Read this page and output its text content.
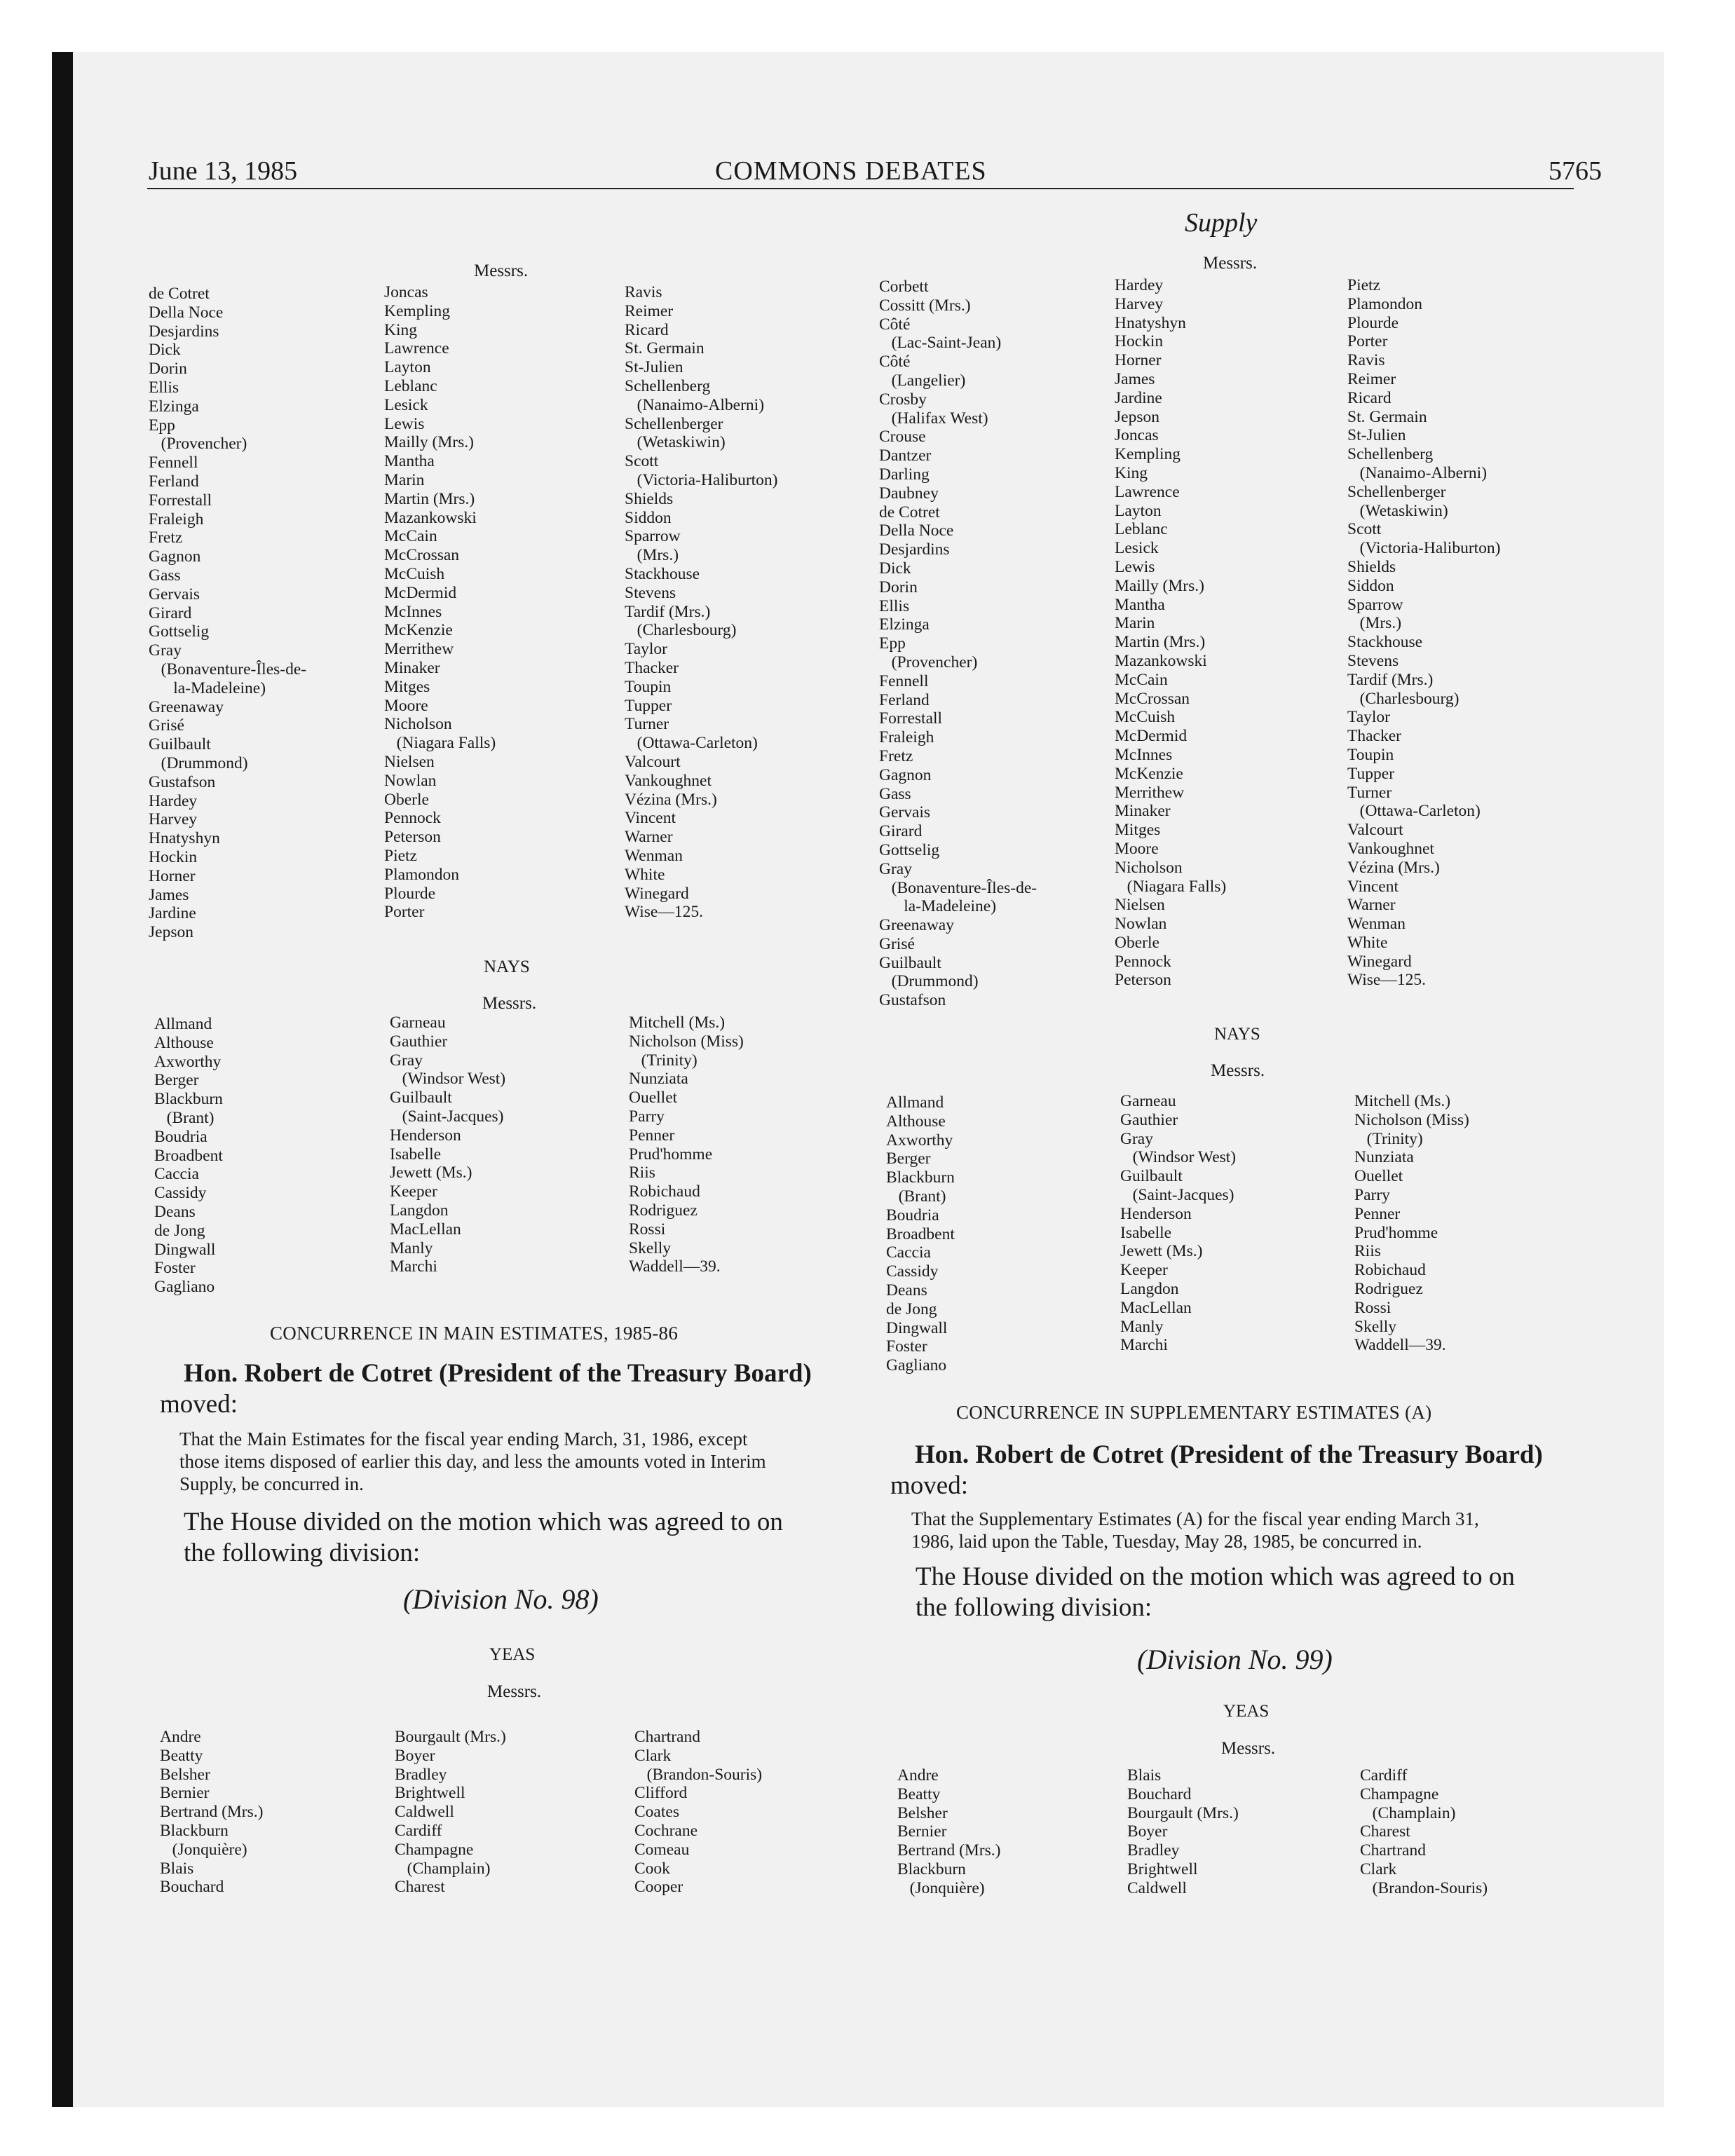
June 13, 1985	COMMONS DEBATES	5765
Supply
Messrs.
de Cotret
Della Noce
Desjardins
Dick
Dorin
Ellis
Elzinga
Epp
(Provencher)
Fennell
Ferland
Forrestall
Fraleigh
Fretz
Gagnon
Gass
Gervais
Girard
Gottselig
Gray
(Bonaventure-Îles-de-
la-Madeleine)
Greenaway
Grisé
Guilbault
(Drummond)
Gustafson
Hardey
Harvey
Hnatyshyn
Hockin
Horner
James
Jardine
Jepson
Joncas
Kempling
King
Lawrence
Layton
Leblanc
Lesick
Lewis
Mailly (Mrs.)
Mantha
Marin
Martin (Mrs.)
Mazankowski
McCain
McCrossan
McCuish
McDermid
McInnes
McKenzie
Merrithew
Minaker
Mitges
Moore
Nicholson
(Niagara Falls)
Nielsen
Nowlan
Oberle
Pennock
Peterson
Pietz
Plamondon
Plourde
Porter
Ravis
Reimer
Ricard
St. Germain
St-Julien
Schellenberg
(Nanaimo-Alberni)
Schellenberger
(Wetaskiwin)
Scott
(Victoria-Haliburton)
Shields
Siddon
Sparrow
(Mrs.)
Stackhouse
Stevens
Tardif (Mrs.)
(Charlesbourg)
Taylor
Thacker
Toupin
Tupper
Turner
(Ottawa-Carleton)
Valcourt
Vankoughnet
Vézina (Mrs.)
Vincent
Warner
Wenman
White
Winegard
Wise—125.
NAYS
Messrs.
Allmand
Althouse
Axworthy
Berger
Blackburn
(Brant)
Boudria
Broadbent
Caccia
Cassidy
Deans
de Jong
Dingwall
Foster
Gagliano
Garneau
Gauthier
Gray
(Windsor West)
Guilbault
(Saint-Jacques)
Henderson
Isabelle
Jewett (Ms.)
Keeper
Langdon
MacLellan
Manly
Marchi
Mitchell (Ms.)
Nicholson (Miss)
(Trinity)
Nunziata
Ouellet
Parry
Penner
Prud'homme
Riis
Robichaud
Rodriguez
Rossi
Skelly
Waddell—39.
CONCURRENCE IN MAIN ESTIMATES, 1985-86
Hon. Robert de Cotret (President of the Treasury Board)
moved:
That the Main Estimates for the fiscal year ending March, 31, 1986, except
those items disposed of earlier this day, and less the amounts voted in Interim
Supply, be concurred in.
The House divided on the motion which was agreed to on
the following division:
(Division No. 98)
YEAS
Messrs.
Andre
Beatty
Belsher
Bernier
Bertrand (Mrs.)
Blackburn
(Jonquière)
Blais
Bouchard
Bourgault (Mrs.)
Boyer
Bradley
Brightwell
Caldwell
Cardiff
Champagne
(Champlain)
Charest
Chartrand
Clark
(Brandon-Souris)
Clifford
Coates
Cochrane
Comeau
Cook
Cooper
Messrs.
Corbett
Cossitt (Mrs.)
Côté
(Lac-Saint-Jean)
Côté
(Langelier)
Crosby
(Halifax West)
Crouse
Dantzer
Darling
Daubney
de Cotret
Della Noce
Desjardins
Dick
Dorin
Ellis
Elzinga
Epp
(Provencher)
Fennell
Ferland
Forrestall
Fraleigh
Fretz
Gagnon
Gass
Gervais
Girard
Gottselig
Gray
(Bonaventure-Îles-de-
la-Madeleine)
Greenaway
Grisé
Guilbault
(Drummond)
Gustafson
Hardey
Harvey
Hnatyshyn
Hockin
Horner
James
Jardine
Jepson
Joncas
Kempling
King
Lawrence
Layton
Leblanc
Lesick
Lewis
Mailly (Mrs.)
Mantha
Marin
Martin (Mrs.)
Mazankowski
McCain
McCrossan
McCuish
McDermid
McInnes
McKenzie
Merrithew
Minaker
Mitges
Moore
Nicholson
(Niagara Falls)
Nielsen
Nowlan
Oberle
Pennock
Peterson
Pietz
Plamondon
Plourde
Porter
Ravis
Reimer
Ricard
St. Germain
St-Julien
Schellenberg
(Nanaimo-Alberni)
Schellenberger
(Wetaskiwin)
Scott
(Victoria-Haliburton)
Shields
Siddon
Sparrow
(Mrs.)
Stackhouse
Stevens
Tardif (Mrs.)
(Charlesbourg)
Taylor
Thacker
Toupin
Tupper
Turner
(Ottawa-Carleton)
Valcourt
Vankoughnet
Vézina (Mrs.)
Vincent
Warner
Wenman
White
Winegard
Wise—125.
NAYS
Messrs.
Allmand
Althouse
Axworthy
Berger
Blackburn
(Brant)
Boudria
Broadbent
Caccia
Cassidy
Deans
de Jong
Dingwall
Foster
Gagliano
Garneau
Gauthier
Gray
(Windsor West)
Guilbault
(Saint-Jacques)
Henderson
Isabelle
Jewett (Ms.)
Keeper
Langdon
MacLellan
Manly
Marchi
Mitchell (Ms.)
Nicholson (Miss)
(Trinity)
Nunziata
Ouellet
Parry
Penner
Prud'homme
Riis
Robichaud
Rodriguez
Rossi
Skelly
Waddell—39.
CONCURRENCE IN SUPPLEMENTARY ESTIMATES (A)
Hon. Robert de Cotret (President of the Treasury Board)
moved:
That the Supplementary Estimates (A) for the fiscal year ending March 31,
1986, laid upon the Table, Tuesday, May 28, 1985, be concurred in.
The House divided on the motion which was agreed to on
the following division:
(Division No. 99)
YEAS
Messrs.
Andre
Beatty
Belsher
Bernier
Bertrand (Mrs.)
Blackburn
(Jonquière)
Blais
Bouchard
Bourgault (Mrs.)
Boyer
Bradley
Brightwell
Caldwell
Cardiff
Champagne
(Champlain)
Charest
Chartrand
Clark
(Brandon-Souris)
